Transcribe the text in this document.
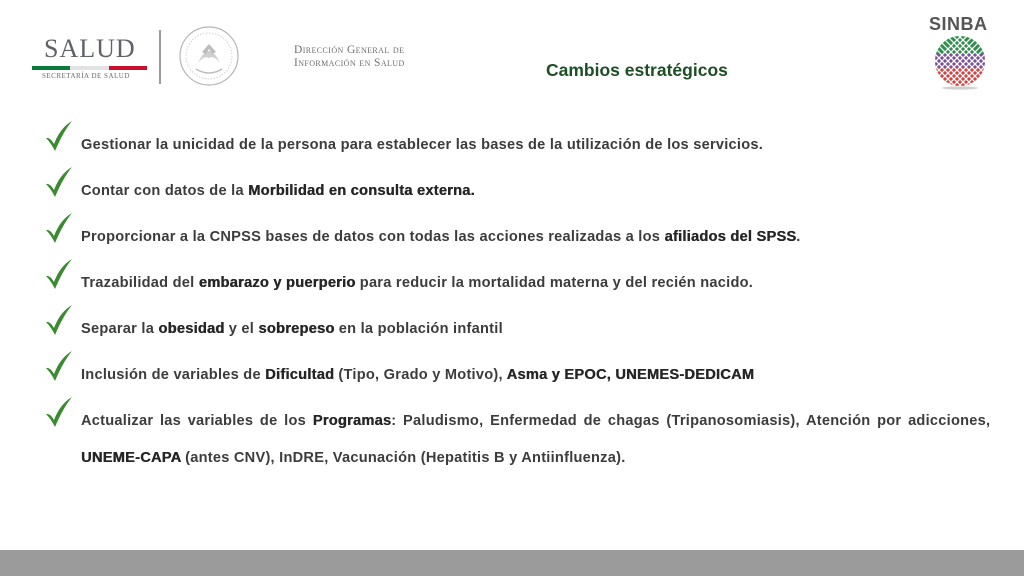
SALUD
SECRETARÍA DE SALUD
Dirección General de
Información en Salud	Cambios estratégicos
SINBA
Gestionar la unicidad de la persona para establecer las bases de la utilización de los servicios.
Contar con datos de la Morbilidad en consulta externa.
Proporcionar a la CNPSS bases de datos con todas las acciones realizadas a los afiliados del SPSS.
Trazabilidad del embarazo y puerperio para reducir la mortalidad materna y del recién nacido.
Separar la obesidad y el sobrepeso en la población infantil
Inclusión de variables de Dificultad (Tipo, Grado y Motivo), Asma y EPOC, UNEMES-DEDICAM
Actualizar las variables de los Programas: Paludismo, Enfermedad de chagas (Tripanosomiasis), Atención por adicciones,
UNEME-CAPA (antes CNV), InDRE, Vacunación (Hepatitis B y Antiinfluenza).
